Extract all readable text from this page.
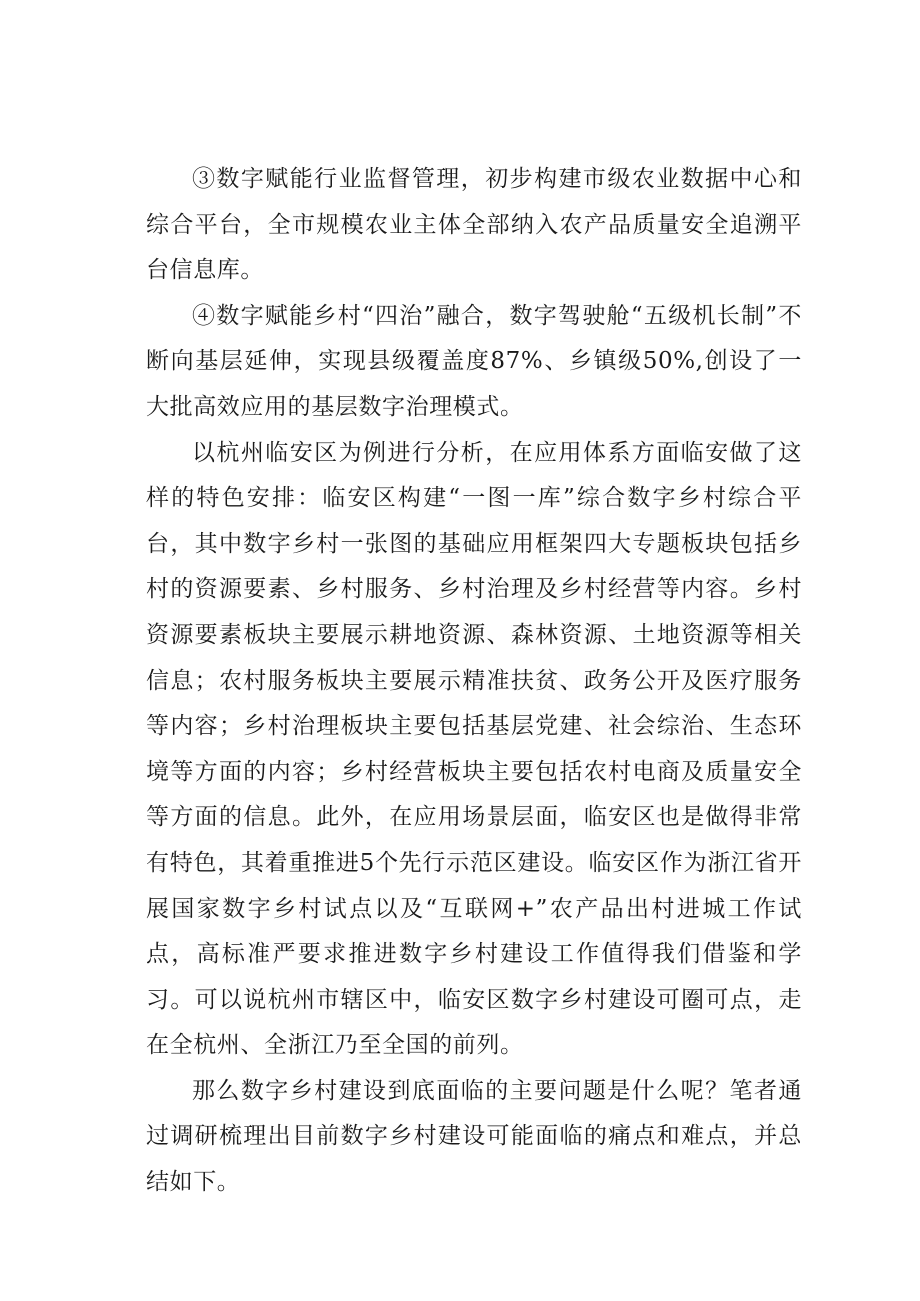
③数字赋能行业监督管理，初步构建市级农业数据中心和综合平台，全市规模农业主体全部纳入农产品质量安全追溯平台信息库。

④数字赋能乡村“四治”融合，数字驾驶舱“五级机长制”不断向基层延伸，实现县级覆盖度87%、乡镇级50%,创设了一大批高效应用的基层数字治理模式。

以杭州临安区为例进行分析，在应用体系方面临安做了这样的特色安排：临安区构建“一图一库”综合数字乡村综合平台，其中数字乡村一张图的基础应用框架四大专题板块包括乡村的资源要素、乡村服务、乡村治理及乡村经营等内容。乡村资源要素板块主要展示耕地资源、森林资源、土地资源等相关信息；农村服务板块主要展示精准扶贫、政务公开及医疗服务等内容；乡村治理板块主要包括基层党建、社会综治、生态环境等方面的内容；乡村经营板块主要包括农村电商及质量安全等方面的信息。此外，在应用场景层面，临安区也是做得非常有特色，其着重推进5个先行示范区建设。临安区作为浙江省开展国家数字乡村试点以及“互联网+”农产品出村进城工作试点，高标准严要求推进数字乡村建设工作值得我们借鉴和学习。可以说杭州市辖区中，临安区数字乡村建设可圈可点，走在全杭州、全浙江乃至全国的前列。

那么数字乡村建设到底面临的主要问题是什么呢？笔者通过调研梳理出目前数字乡村建设可能面临的痛点和难点，并总结如下。
